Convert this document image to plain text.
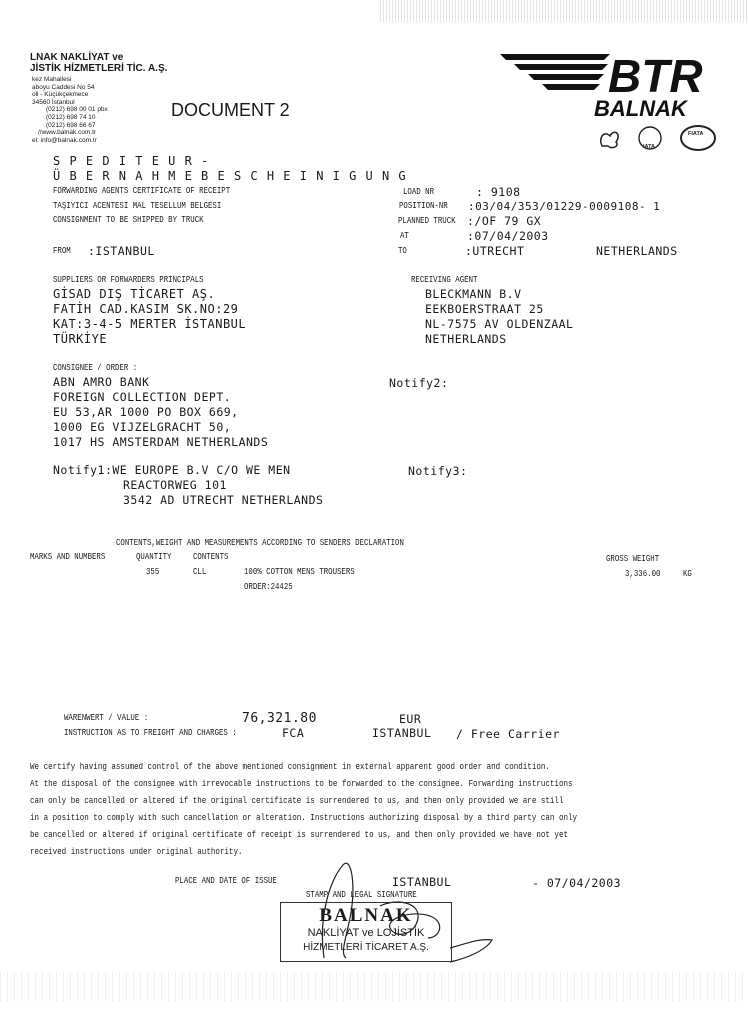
LNAK NAKLİYAT ve
JİSTİK HİZMETLERİ TİC. A.Ş.
kez Mahallesi
aboyu Caddesi No 54
oli - Küçükçekmece
34560 İstanbul
(0212) 698 00 01 pbx
(0212) 698 74 10
(0212) 698 66 67
//www.balnak.com.tr
el: info@balnak.com.tr
DOCUMENT 2
BTR
BALNAK
IATA
FIATA
S P E D I T E U R -
Ü B E R N A H M E B E S C H E I N I G U N G
FORWARDING AGENTS CERTIFICATE OF RECEIPT
TAŞIYICI ACENTESI MAL TESELLUM BELGESI
CONSIGNMENT TO BE SHIPPED BY TRUCK
LOAD NR	: 9108
POSITION-NR :03/04/353/01229-0009108- 1
PLANNED TRUCK :/OF 79 GX
AT	:07/04/2003
FROM :ISTANBUL	TO	:UTRECHT	NETHERLANDS
SUPPLIERS OR FORWARDERS PRINCIPALS
GİSAD DIŞ TİCARET AŞ.
FATİH CAD.KASIM SK.NO:29
KAT:3-4-5 MERTER İSTANBUL
TÜRKİYE
RECEIVING AGENT
BLECKMANN B.V
EEKBOERSTRAAT 25
NL-7575 AV OLDENZAAL
NETHERLANDS
CONSIGNEE / ORDER :
ABN AMRO BANK
FOREIGN COLLECTION DEPT.
EU 53,AR 1000 PO BOX 669,
1000 EG VIJZELGRACHT 50,
1017 HS AMSTERDAM NETHERLANDS
Notify2:
Notify1:WE EUROPE B.V C/O WE MEN
REACTORWEG 101
3542 AD UTRECHT NETHERLANDS
Notify3:
CONTENTS,WEIGHT AND MEASUREMENTS ACCORDING TO SENDERS DECLARATION
MARKS AND NUMBERS	QUANTITY CONTENTS	GROSS WEIGHT
355	CLL	100% COTTON MENS TROUSERS
ORDER:24425
3,336.00	KG
WARENWERT / VALUE :	76,321.80	EUR
INSTRUCTION AS TO FREIGHT AND CHARGES :	FCA	ISTANBUL / Free Carrier
We certify having assumed control of the above mentioned consignment in external apparent good order and condition.
At the disposal of the consignee with irrevocable instructions to be forwarded to the consignee. Forwarding instructions
can only be cancelled or altered if the original certificate is surrendered to us, and then only provided we are still
in a position to comply with such cancellation or alteration. Instructions authorizing disposal by a third party can only
be cancelled or altered if original certificate of receipt is surrendered to us, and then only provided we have not yet
received instructions under original authority.
PLACE AND DATE OF ISSUE	ISTANBUL	- 07/04/2003
STAMP AND LEGAL SIGNATURE
BALNAK
NAKLİYAT ve LOJİSTİK
HİZMETLERİ TİCARET A.Ş.
